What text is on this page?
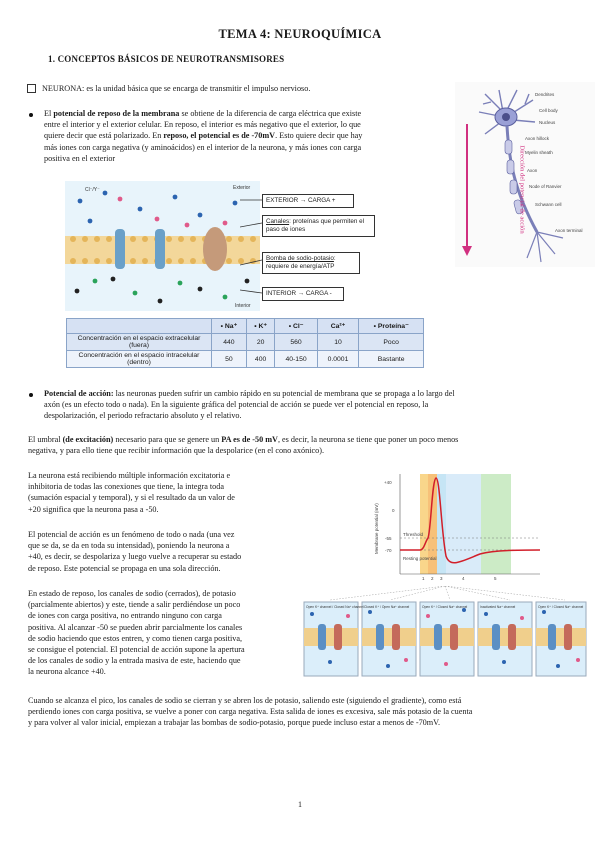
TEMA 4: NEUROQUÍMICA
1. CONCEPTOS BÁSICOS DE NEUROTRANSMISORES
NEURONA: es la unidad básica que se encarga de transmitir el impulso nervioso.
El potencial de reposo de la membrana se obtiene de la diferencia de carga eléctrica que existe
entre el interior y el exterior celular. En reposo, el interior es más negativo que el exterior, lo que
quiere decir que está polarizado. En reposo, el potencial es de -70mV. Esto quiere decir que hay
más iones con carga negativa (y aminoácidos) en el interior de la neurona, y más iones con carga
positiva en el exterior
Dendrites
Cell body
Nucleus
Axon hillock
Myelin sheath
Axon
Node of Ranvier
Schwann cell
Axon terminal
Dirección del potencial de acción
Cl⁻/Y⁻	Exterior
Interior
EXTERIOR → CARGA +
Canales: proteínas que permiten el paso de iones
Bomba de sodio-potasio: requiere de energía/ATP
INTERIOR → CARGA -
	• Na⁺	• K⁺	• Cl⁻	Ca²⁺	• Proteína⁻
Concentración en el espacio extracelular (fuera)	440	20	560	10	Poco
Concentración en el espacio intracelular (dentro)	50	400	40-150	0.0001	Bastante
Potencial de acción: las neuronas pueden sufrir un cambio rápido en su potencial de membrana que se propaga a lo largo del
axón (es un efecto todo o nada). En la siguiente gráfica del potencial de acción se puede ver el potencial en reposo, la
despolarización, el periodo refractario absoluto y el relativo.
El umbral (de excitación) necesario para que se genere un PA es de -50 mV, es decir, la neurona se tiene que poner un poco menos
negativa, y para ello tiene que recibir información que la despolarice (en el cono axónico).
La neurona está recibiendo múltiple información excitatoria e
inhibitoria de todas las conexiones que tiene, la integra toda
(sumación espacial y temporal), y si el resultado da un valor de
+20 significa que la neurona pasa a -50.
El potencial de acción es un fenómeno de todo o nada (una vez
que se da, se da en toda su intensidad), poniendo la neurona a
+40, es decir, se despolariza y luego vuelve a recuperar su estado
de reposo. Este potencial se propaga en una sola dirección.
En estado de reposo, los canales de sodio (cerrados), de potasio
(parcialmente abiertos) y este, tiende a salir perdiéndose un poco
de iones con carga positiva, no entrando ninguno con carga
positiva. Al alcanzar -50 se pueden abrir parcialmente los canales
de sodio haciendo que estos entren, y como tienen carga positiva,
se consigue el potencial. El potencial de acción supone la apertura
de los canales de sodio y la entrada masiva de este, haciendo que
la neurona alcance +40.
+40
0
-55
-70
Threshold
Resting potential
1 2 3	4	5
Membrane potential (mV)
Open K⁺ channel / Closed Na⁺ channel Closed K⁺ / Open Na⁺ channel	Open K⁺ / Closed Na⁺ channel	Inactivated Na⁺ channel	Open K⁺ / Closed Na⁺ channel
Cuando se alcanza el pico, los canales de sodio se cierran y se abren los de potasio, saliendo este (siguiendo el gradiente), como está
perdiendo iones con carga positiva, se vuelve a poner con carga negativa. Esta salida de iones es excesiva, sale más potasio de la cuenta
y para volver al valor inicial, empiezan a trabajar las bombas de sodio-potasio, porque puede incluso estar a menos de -70mV.
1
